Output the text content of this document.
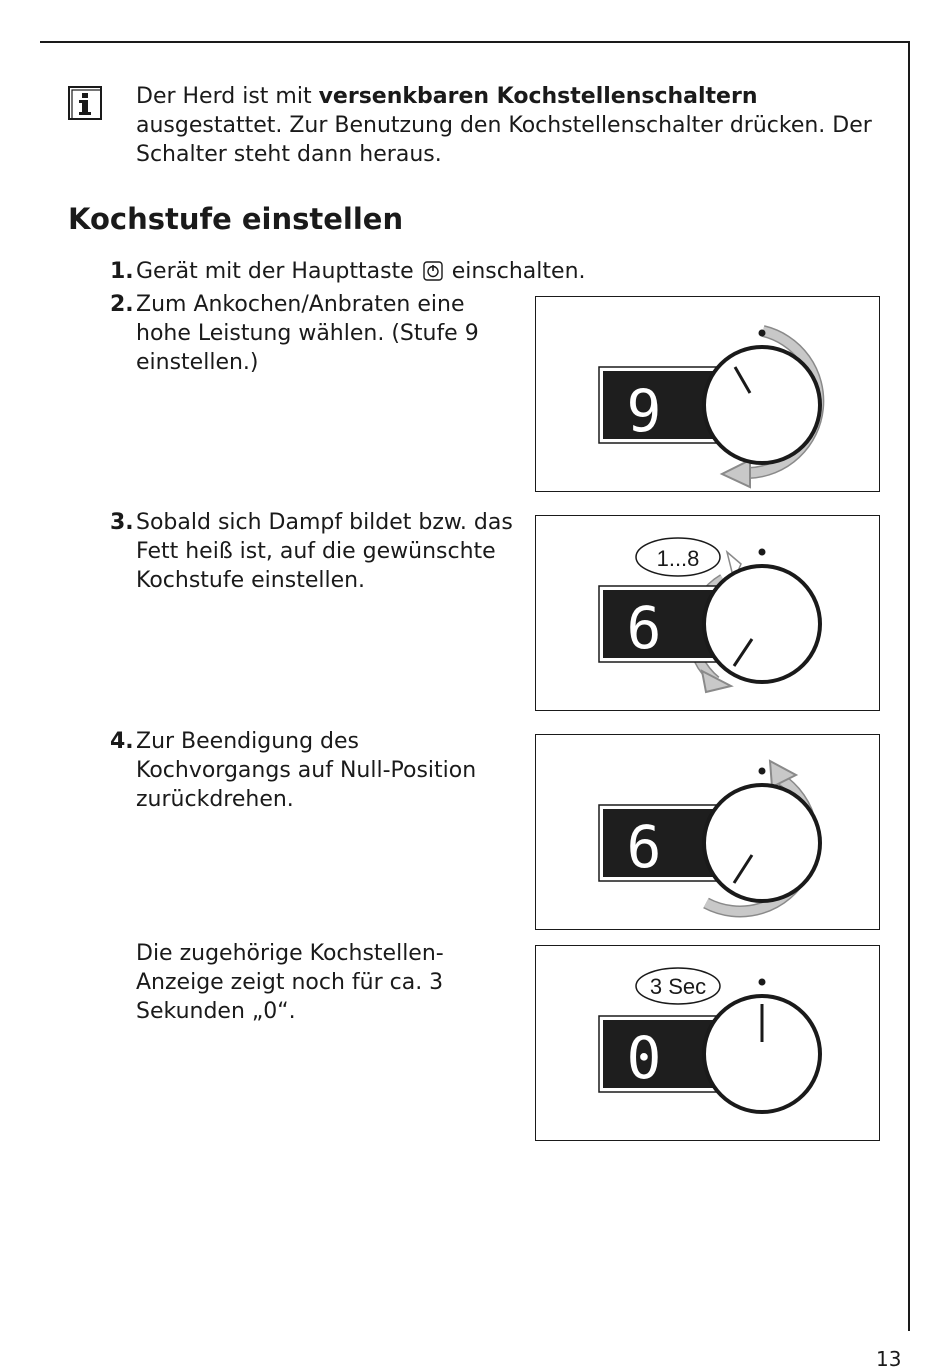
Der Herd ist mit versenkbaren Kochstellenschaltern ausgestattet. Zur Benutzung den Kochstellenschalter drücken. Der Schalter steht dann heraus.

Kochstufe einstellen
1. Gerät mit der Haupttaste einschalten.
2. Zum Ankochen/Anbraten eine hohe Leistung wählen. (Stufe 9 einstellen.)
3. Sobald sich Dampf bildet bzw. das Fett heiß ist, auf die gewünschte Kochstufe einstellen.
4. Zur Beendigung des Kochvorgangs auf Null-Position zurückdrehen.
Die zugehörige Kochstellen-Anzeige zeigt noch für ca. 3 Sekunden „0“.
9
6
1...8
6
0
3 Sec
13
